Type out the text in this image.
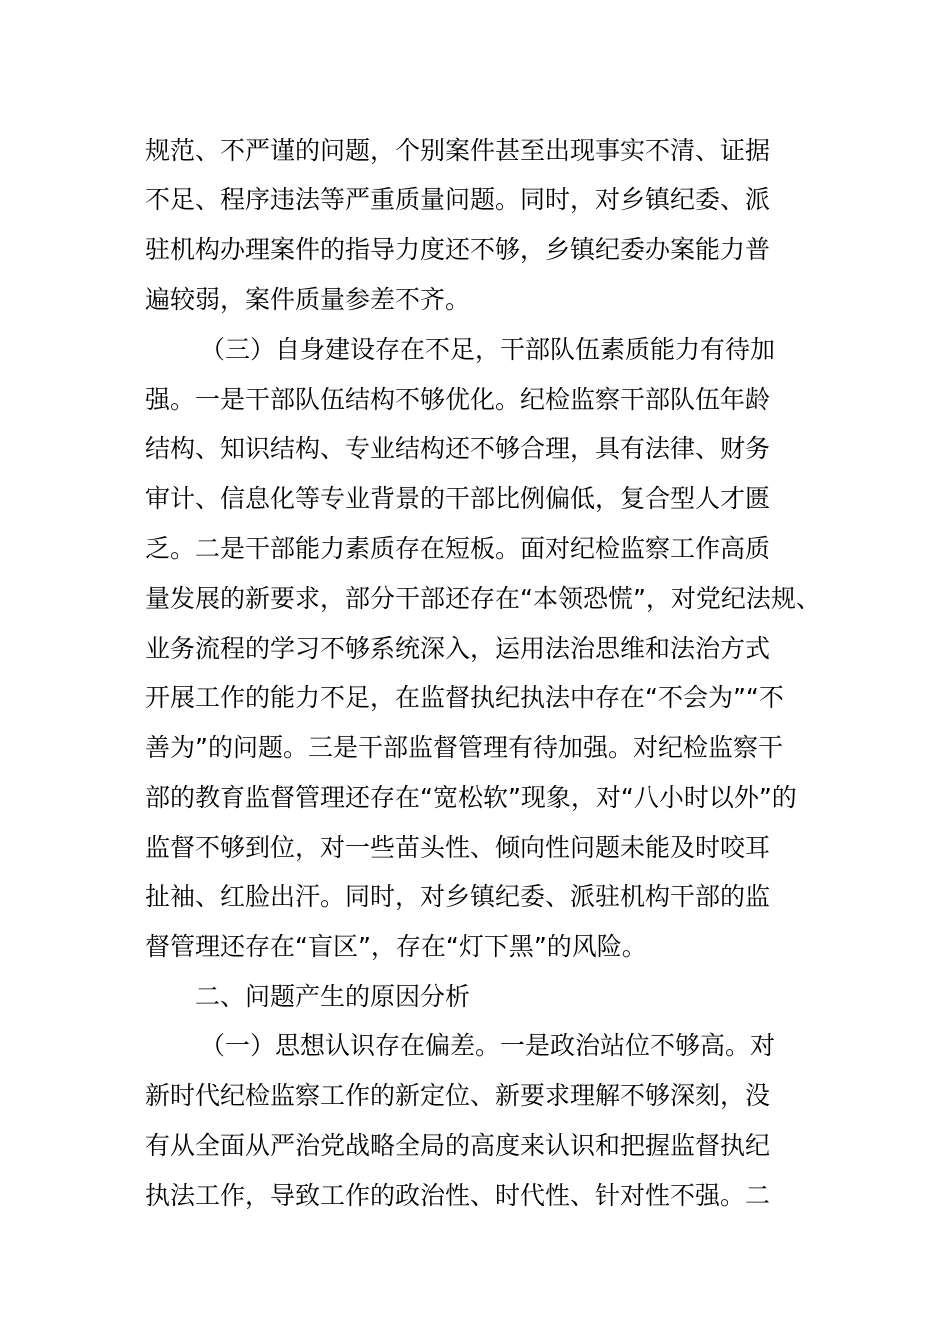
规范、不严谨的问题，个别案件甚至出现事实不清、证据
不足、程序违法等严重质量问题。同时，对乡镇纪委、派
驻机构办理案件的指导力度还不够，乡镇纪委办案能力普
遍较弱，案件质量参差不齐。
（三）自身建设存在不足，干部队伍素质能力有待加
强。一是干部队伍结构不够优化。纪检监察干部队伍年龄
结构、知识结构、专业结构还不够合理，具有法律、财务
审计、信息化等专业背景的干部比例偏低，复合型人才匮
乏。二是干部能力素质存在短板。面对纪检监察工作高质
量发展的新要求，部分干部还存在“本领恐慌”，对党纪法规、
业务流程的学习不够系统深入，运用法治思维和法治方式
开展工作的能力不足，在监督执纪执法中存在“不会为”“不
善为”的问题。三是干部监督管理有待加强。对纪检监察干
部的教育监督管理还存在“宽松软”现象，对“八小时以外”的
监督不够到位，对一些苗头性、倾向性问题未能及时咬耳
扯袖、红脸出汗。同时，对乡镇纪委、派驻机构干部的监
督管理还存在“盲区”，存在“灯下黑”的风险。
二、问题产生的原因分析
（一）思想认识存在偏差。一是政治站位不够高。对
新时代纪检监察工作的新定位、新要求理解不够深刻，没
有从全面从严治党战略全局的高度来认识和把握监督执纪
执法工作，导致工作的政治性、时代性、针对性不强。二
